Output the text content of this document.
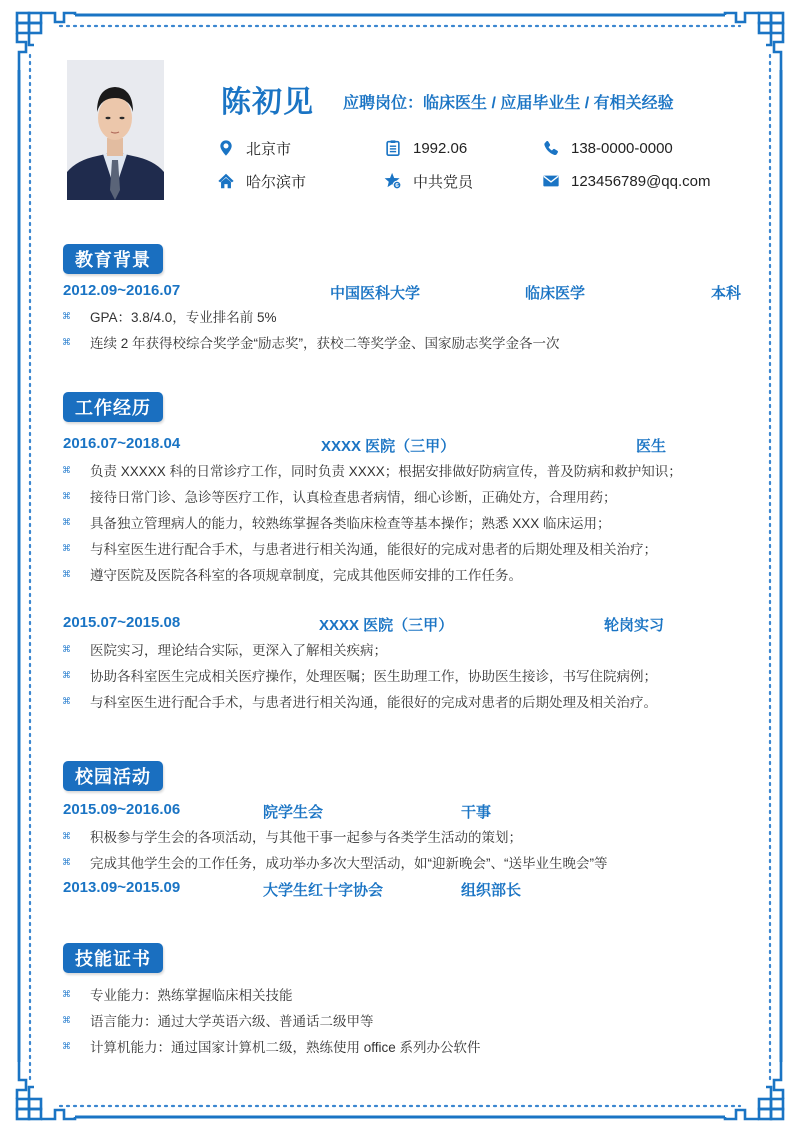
陈初见 应聘岗位：临床医生 / 应届毕业生 / 有相关经验
北京市	1992.06	138-0000-0000
哈尔滨市	6 中共党员	123456789@qq.com
教育背景
2012.09~2016.07	中国医科大学	临床医学	本科
⌘ GPA：3.8/4.0，专业排名前 5%
⌘ 连续 2 年获得校综合奖学金“励志奖”，获校二等奖学金、国家励志奖学金各一次
工作经历
2016.07~2018.04	XXXX 医院（三甲）	医生
⌘ 负责 XXXXX 科的日常诊疗工作，同时负责 XXXX；根据安排做好防病宣传，普及防病和救护知识；
⌘ 接待日常门诊、急诊等医疗工作，认真检查患者病情，细心诊断，正确处方，合理用药；
⌘ 具备独立管理病人的能力，较熟练掌握各类临床检查等基本操作；熟悉 XXX 临床运用；
⌘ 与科室医生进行配合手术，与患者进行相关沟通，能很好的完成对患者的后期处理及相关治疗；
⌘ 遵守医院及医院各科室的各项规章制度，完成其他医师安排的工作任务。
2015.07~2015.08	XXXX 医院（三甲）	轮岗实习
⌘ 医院实习，理论结合实际，更深入了解相关疾病；
⌘ 协助各科室医生完成相关医疗操作，处理医嘱；医生助理工作，协助医生接诊，书写住院病例；
⌘ 与科室医生进行配合手术，与患者进行相关沟通，能很好的完成对患者的后期处理及相关治疗。
校园活动
2015.09~2016.06	院学生会	干事
⌘ 积极参与学生会的各项活动，与其他干事一起参与各类学生活动的策划；
⌘ 完成其他学生会的工作任务，成功举办多次大型活动，如“迎新晚会”、“送毕业生晚会”等
2013.09~2015.09	大学生红十字协会	组织部长
技能证书
⌘ 专业能力：熟练掌握临床相关技能
⌘ 语言能力：通过大学英语六级、普通话二级甲等
⌘ 计算机能力：通过国家计算机二级，熟练使用 office 系列办公软件
